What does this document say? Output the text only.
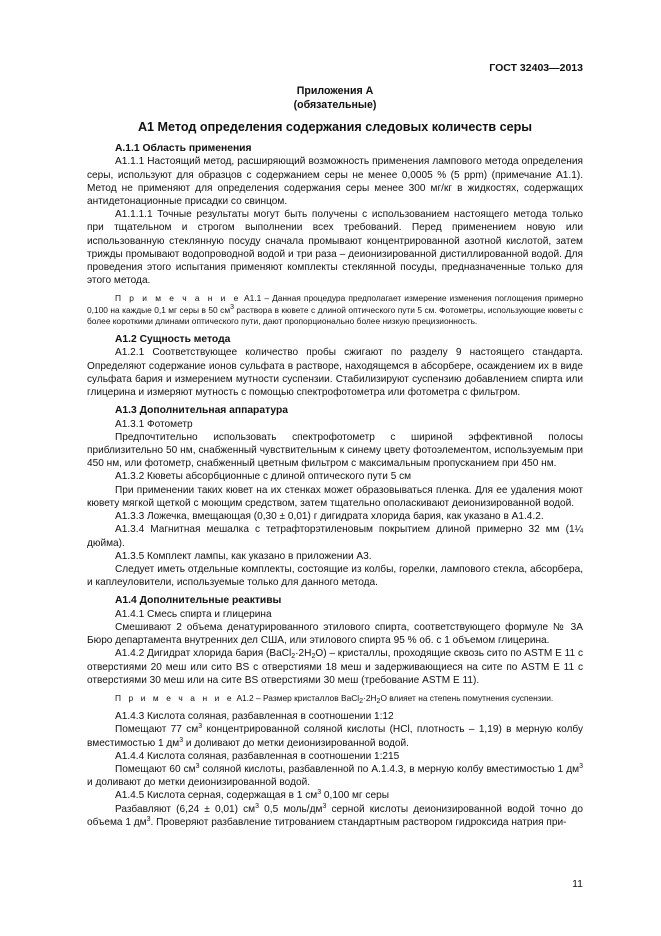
ГОСТ 32403—2013
Приложения А
(обязательные)
А1 Метод определения содержания следовых количеств серы
А.1.1 Область применения

А1.1.1 Настоящий метод, расширяющий возможность применения лампового метода определения серы, используют для образцов с содержанием серы не менее 0,0005 % (5 ppm) (примечание А1.1). Метод не применяют для определения содержания серы менее 300 мг/кг в жидкостях, содержащих антидетонационные присадки со свинцом.

А1.1.1.1 Точные результаты могут быть получены с использованием настоящего метода только при тщательном и строгом выполнении всех требований. Перед применением новую или использованную стеклянную посуду сначала промывают концентрированной азотной кислотой, затем трижды промывают водопроводной водой и три раза – деионизированной дистиллированной водой. Для проведения этого испытания применяют комплекты стеклянной посуды, предназначенные только для этого метода.

П р и м е ч а н и е А1.1 – Данная процедура предполагает измерение изменения поглощения примерно 0,100 на каждые 0,1 мг серы в 50 $см^3$ раствора в кювете с длиной оптического пути 5 см. Фотометры, использующие кюветы с более короткими длинами оптического пути, дают пропорционально более низкую прецизионность.
А1.2 Сущность метода

А1.2.1 Соответствующее количество пробы сжигают по разделу 9 настоящего стандарта. Определяют содержание ионов сульфата в растворе, находящемся в абсорбере, осаждением их в виде сульфата бария и измерением мутности суспензии. Стабилизируют суспензию добавлением спирта или глицерина и измеряют мутность с помощью спектрофотометра или фотометра с фильтром.

А1.3 Дополнительная аппаратура

А1.3.1 Фотометр

Предпочтительно использовать спектрофотометр с шириной эффективной полосы приблизительно 50 нм, снабженный чувствительным к синему цвету фотоэлементом, используемым при 450 нм, или фотометр, снабженный цветным фильтром с максимальным пропусканием при 450 нм.

А1.3.2 Кюветы абсорбционные с длиной оптического пути 5 см

При применении таких кювет на их стенках может образовываться пленка. Для ее удаления моют кювету мягкой щеткой с моющим средством, затем тщательно ополаскивают деионизированной водой.

А1.3.3 Ложечка, вмещающая (0,30 ± 0,01) г дигидрата хлорида бария, как указано в А1.4.2.

А1.3.4 Магнитная мешалка с тетрафторэтиленовым покрытием длиной примерно 32 мм (1¼ дюйма).

А1.3.5 Комплект лампы, как указано в приложении А3.

Следует иметь отдельные комплекты, состоящие из колбы, горелки, лампового стекла, абсорбера, и каплеуловители, используемые только для данного метода.

А1.4 Дополнительные реактивы

А1.4.1 Смесь спирта и глицерина

Смешивают 2 объема денатурированного этилового спирта, соответствующего формуле № 3А Бюро департамента внутренних дел США, или этилового спирта 95 % об. с 1 объемом глицерина.

А1.4.2 Дигидрат хлорида бария $(BaCl_2\cdot 2H_2O)$ – кристаллы, проходящие сквозь сито по ASTM E 11 с отверстиями 20 меш или сито BS с отверстиями 18 меш и задерживающиеся на сите по ASTM E 11 с отверстиями 30 меш или на сите BS отверстиями 30 меш (требование ASTM E 11).

П р и м е ч а н и е А1.2 – Размер кристаллов $BaCl_2\cdot 2H_2O$ влияет на степень помутнения суспензии.

А1.4.3 Кислота соляная, разбавленная в соотношении 1:12

Помещают 77 $см^3$ концентрированной соляной кислоты (HCl, плотность – 1,19) в мерную колбу вместимостью 1 $дм^3$ и доливают до метки деионизированной водой.

А1.4.4 Кислота соляная, разбавленная в соотношении 1:215

Помещают 60 $см^3$ соляной кислоты, разбавленной по А.1.4.3, в мерную колбу вместимостью 1 $дм^3$ и доливают до метки деионизированной водой.

А1.4.5 Кислота серная, содержащая в 1 $см^3$ 0,100 мг серы

Разбавляют (6,24 ± 0,01) $см^3$ 0,5 моль/$дм^3$ серной кислоты деионизированной водой точно до объема 1 $дм^3$. Проверяют разбавление титрованием стандартным раствором гидроксида натрия при-

11
